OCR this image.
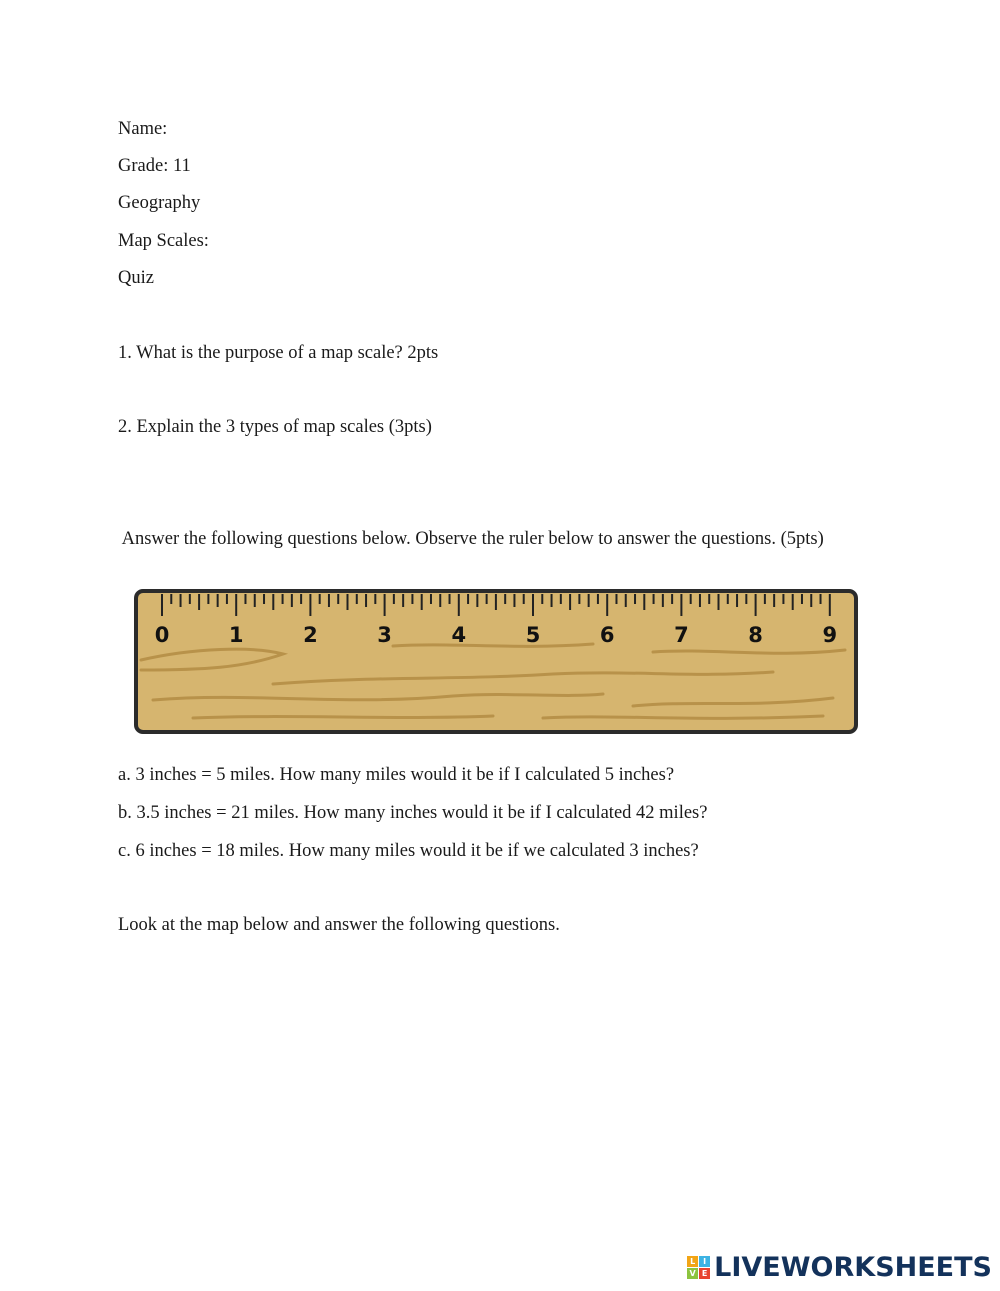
Name:
Grade: 11
Geography
Map Scales:
Quiz
1. What is the purpose of a map scale? 2pts
2. Explain the 3 types of map scales (3pts)
Answer the following questions below. Observe the ruler below to answer the questions. (5pts)
0	1	2	3	4	5	6	7	8	9
a. 3 inches = 5 miles. How many miles would it be if I calculated 5 inches?
b. 3.5 inches = 21 miles. How many inches would it be if I calculated 42 miles?
c. 6 inches = 18 miles. How many miles would it be if we calculated 3 inches?
Look at the map below and answer the following questions.
L I
V E LIVEWORKSHEETS
